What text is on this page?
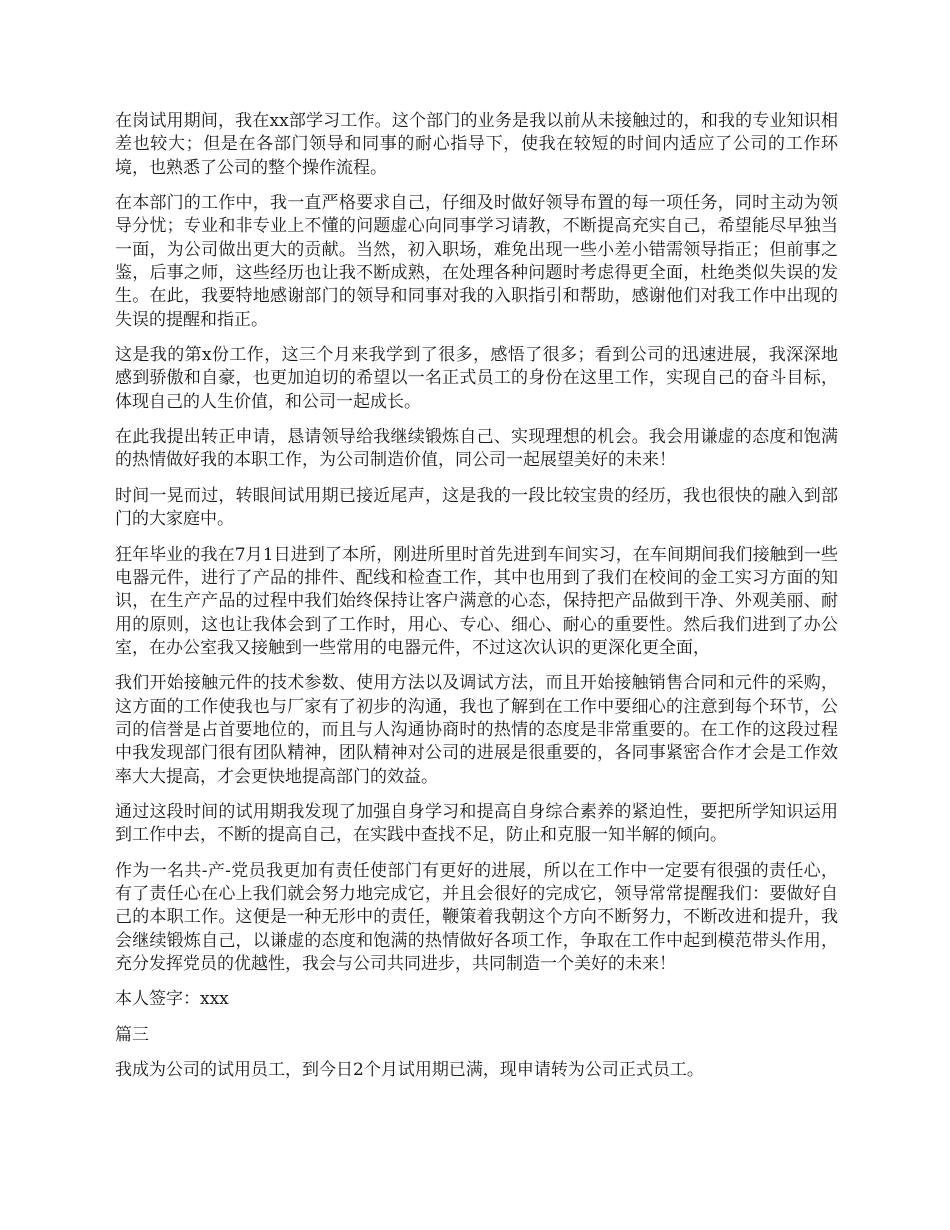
在岗试用期间，我在xx部学习工作。这个部门的业务是我以前从未接触过的，和我的专业知识相差也较大；但是在各部门领导和同事的耐心指导下，使我在较短的时间内适应了公司的工作环境，也熟悉了公司的整个操作流程。

在本部门的工作中，我一直严格要求自己，仔细及时做好领导布置的每一项任务，同时主动为领导分忧；专业和非专业上不懂的问题虚心向同事学习请教，不断提高充实自己，希望能尽早独当一面，为公司做出更大的贡献。当然，初入职场，难免出现一些小差小错需领导指正；但前事之鉴，后事之师，这些经历也让我不断成熟，在处理各种问题时考虑得更全面，杜绝类似失误的发生。在此，我要特地感谢部门的领导和同事对我的入职指引和帮助，感谢他们对我工作中出现的失误的提醒和指正。

这是我的第x份工作，这三个月来我学到了很多，感悟了很多；看到公司的迅速进展，我深深地感到骄傲和自豪，也更加迫切的希望以一名正式员工的身份在这里工作，实现自己的奋斗目标，体现自己的人生价值，和公司一起成长。

在此我提出转正申请，恳请领导给我继续锻炼自己、实现理想的机会。我会用谦虚的态度和饱满的热情做好我的本职工作，为公司制造价值，同公司一起展望美好的未来！

时间一晃而过，转眼间试用期已接近尾声，这是我的一段比较宝贵的经历，我也很快的融入到部门的大家庭中。

狂年毕业的我在7月1日进到了本所，刚进所里时首先进到车间实习，在车间期间我们接触到一些电器元件，进行了产品的排件、配线和检查工作，其中也用到了我们在校间的金工实习方面的知识，在生产产品的过程中我们始终保持让客户满意的心态，保持把产品做到干净、外观美丽、耐用的原则，这也让我体会到了工作时，用心、专心、细心、耐心的重要性。然后我们进到了办公室，在办公室我又接触到一些常用的电器元件，不过这次认识的更深化更全面，

我们开始接触元件的技术参数、使用方法以及调试方法，而且开始接触销售合同和元件的采购，这方面的工作使我也与厂家有了初步的沟通，我也了解到在工作中要细心的注意到每个环节，公司的信誉是占首要地位的，而且与人沟通协商时的热情的态度是非常重要的。在工作的这段过程中我发现部门很有团队精神，团队精神对公司的进展是很重要的，各同事紧密合作才会是工作效率大大提高，才会更快地提高部门的效益。

通过这段时间的试用期我发现了加强自身学习和提高自身综合素养的紧迫性，要把所学知识运用到工作中去，不断的提高自己，在实践中查找不足，防止和克服一知半解的倾向。

作为一名共-产-党员我更加有责任使部门有更好的进展，所以在工作中一定要有很强的责任心，有了责任心在心上我们就会努力地完成它，并且会很好的完成它，领导常常提醒我们：要做好自己的本职工作。这便是一种无形中的责任，鞭策着我朝这个方向不断努力，不断改进和提升，我会继续锻炼自己，以谦虚的态度和饱满的热情做好各项工作，争取在工作中起到模范带头作用，充分发挥党员的优越性，我会与公司共同进步，共同制造一个美好的未来！

本人签字：xxx

篇三

我成为公司的试用员工，到今日2个月试用期已满，现申请转为公司正式员工。
